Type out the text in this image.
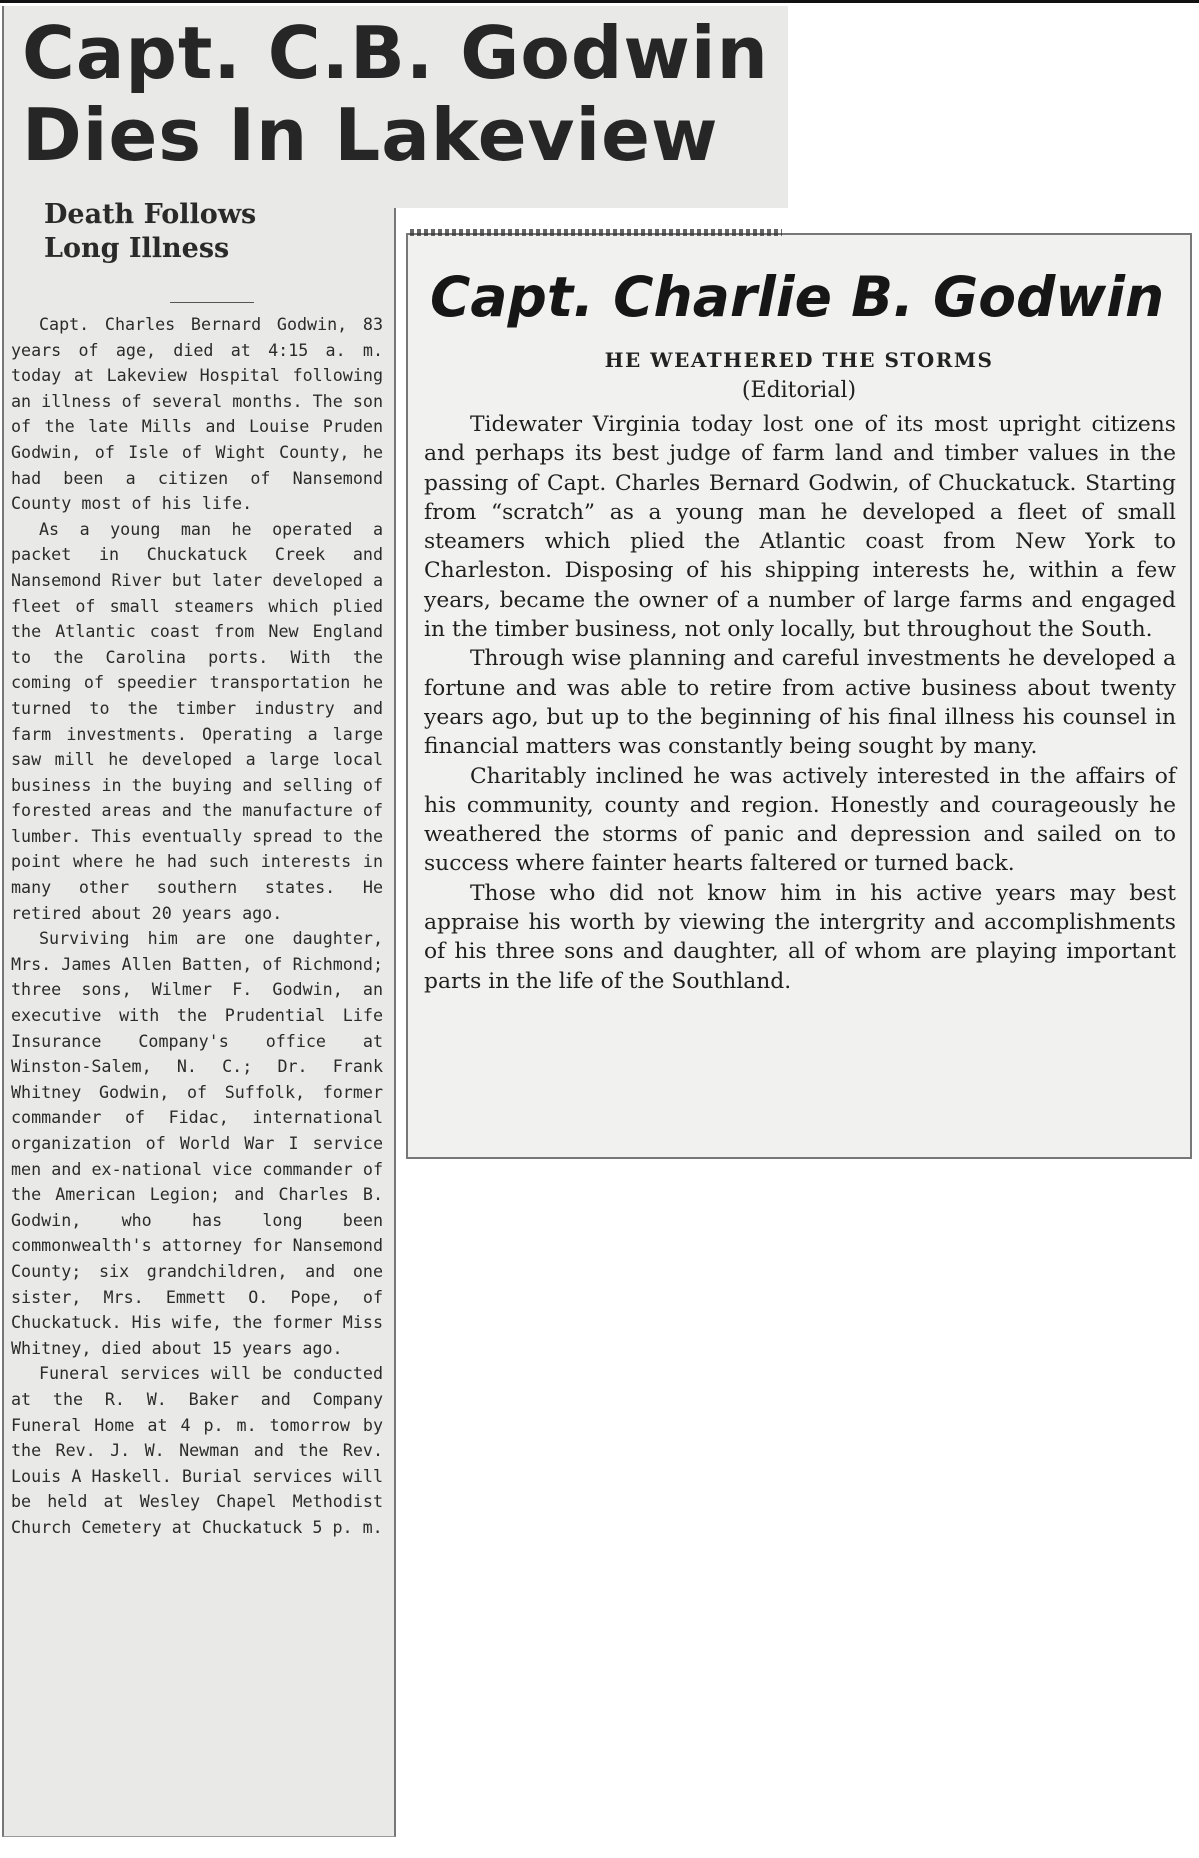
Capt. C.B. Godwin
Dies In Lakeview
Death Follows
Long Illness

Capt. Charles Bernard Godwin, 83 years of age, died at 4:15 a. m. today at Lakeview Hospital following an illness of several months. The son of the late Mills and Louise Pruden Godwin, of Isle of Wight County, he had been a citizen of Nansemond County most of his life.

As a young man he operated a packet in Chuckatuck Creek and Nansemond River but later developed a fleet of small steamers which plied the Atlantic coast from New England to the Carolina ports. With the coming of speedier transportation he turned to the timber industry and farm investments. Operating a large saw mill he developed a large local business in the buying and selling of forested areas and the manufacture of lumber. This eventually spread to the point where he had such interests in many other southern states. He retired about 20 years ago.

Surviving him are one daughter, Mrs. James Allen Batten, of Richmond; three sons, Wilmer F. Godwin, an executive with the Prudential Life Insurance Company's office at Winston-Salem, N. C.; Dr. Frank Whitney Godwin, of Suffolk, former commander of Fidac, international organization of World War I service men and ex-national vice commander of the American Legion; and Charles B. Godwin, who has long been commonwealth's attorney for Nansemond County; six grandchildren, and one sister, Mrs. Emmett O. Pope, of Chuckatuck. His wife, the former Miss Whitney, died about 15 years ago.

Funeral services will be conducted at the R. W. Baker and Company Funeral Home at 4 p. m. tomorrow by the Rev. J. W. Newman and the Rev. Louis A Haskell. Burial services will be held at Wesley Chapel Methodist Church Cemetery at Chuckatuck 5 p. m.

Capt. Charlie B. Godwin
HE WEATHERED THE STORMS
(Editorial)

Tidewater Virginia today lost one of its most upright citizens and perhaps its best judge of farm land and timber values in the passing of Capt. Charles Bernard Godwin, of Chuckatuck. Starting from “scratch” as a young man he developed a fleet of small steamers which plied the Atlantic coast from New York to Charleston. Disposing of his shipping interests he, within a few years, became the owner of a number of large farms and engaged in the timber business, not only locally, but throughout the South.

Through wise planning and careful investments he developed a fortune and was able to retire from active business about twenty years ago, but up to the beginning of his final illness his counsel in financial matters was constantly being sought by many.

Charitably inclined he was actively interested in the affairs of his community, county and region. Honestly and courageously he weathered the storms of panic and depression and sailed on to success where fainter hearts faltered or turned back.

Those who did not know him in his active years may best appraise his worth by viewing the intergrity and accomplishments of his three sons and daughter, all of whom are playing important parts in the life of the Southland.
